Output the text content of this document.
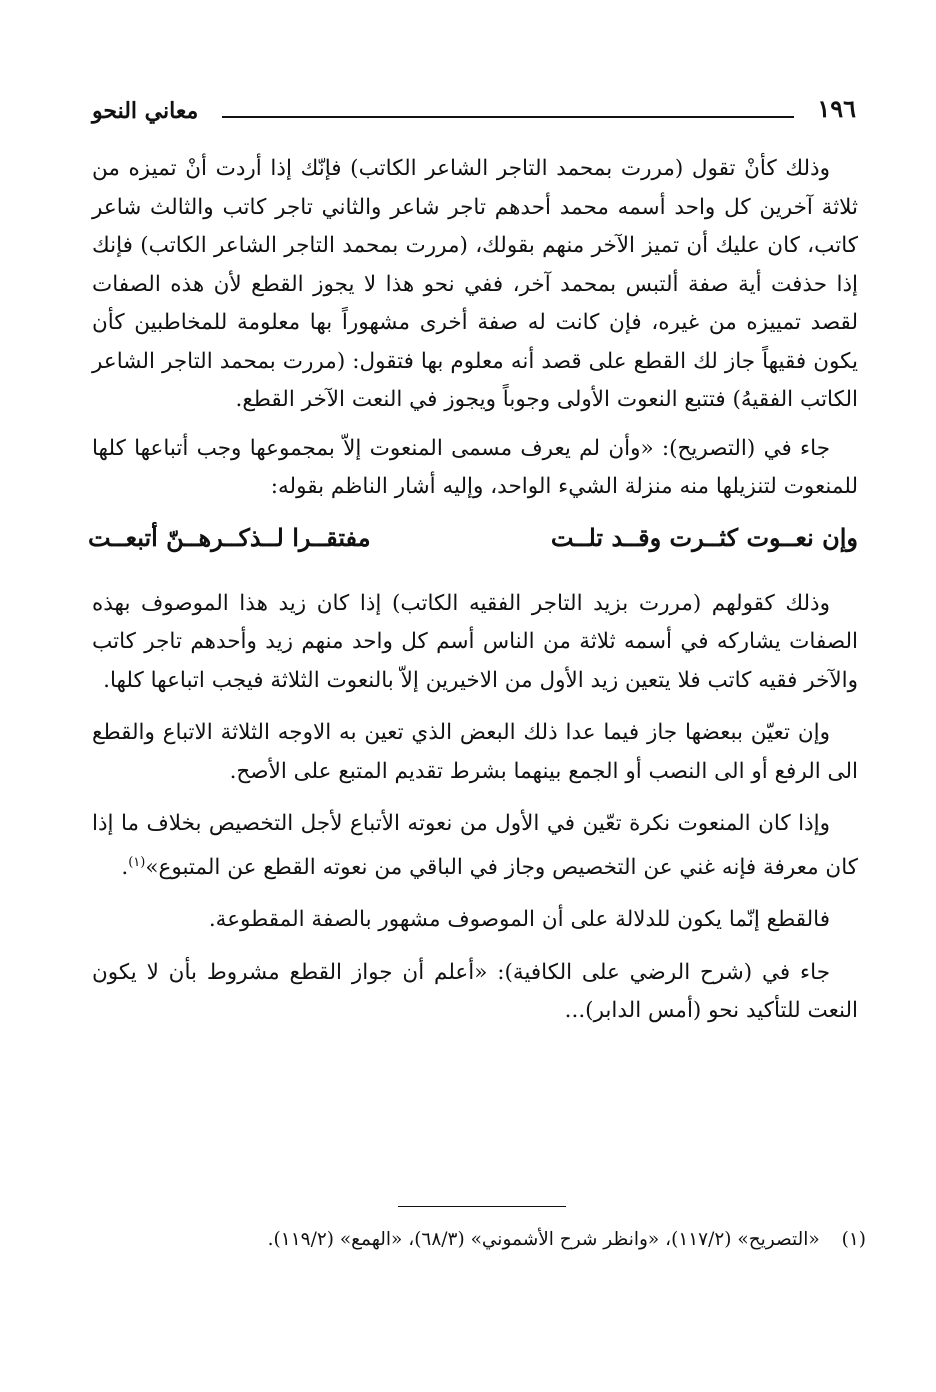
١٩٦
معاني النحو

وذلك كأنْ تقول (مررت بمحمد التاجر الشاعر الكاتب) فإنّك إذا أردت أنْ تميزه من ثلاثة آخرين كل واحد أسمه محمد أحدهم تاجر شاعر والثاني تاجر كاتب والثالث شاعر كاتب، كان عليك أن تميز الآخر منهم بقولك، (مررت بمحمد التاجر الشاعر الكاتب) فإنك إذا حذفت أية صفة ألتبس بمحمد آخر، ففي نحو هذا لا يجوز القطع لأن هذه الصفات لقصد تمييزه من غيره، فإن كانت له صفة أخرى مشهوراً بها معلومة للمخاطبين كأن يكون فقيهاً جاز لك القطع على قصد أنه معلوم بها فتقول: (مررت بمحمد التاجر الشاعر الكاتب الفقيهُ) فتتبع النعوت الأولى وجوباً ويجوز في النعت الآخر القطع.

جاء في (التصريح): «وأن لم يعرف مسمى المنعوت إلاّ بمجموعها وجب أتباعها كلها للمنعوت لتنزيلها منه منزلة الشيء الواحد، وإليه أشار الناظم بقوله:

وإن نعــوت كثــرت وقــد تلــت
مفتقــرا لــذكــرهــنّ أتبعــت

وذلك كقولهم (مررت بزيد التاجر الفقيه الكاتب) إذا كان زيد هذا الموصوف بهذه الصفات يشاركه في أسمه ثلاثة من الناس أسم كل واحد منهم زيد وأحدهم تاجر كاتب والآخر فقيه كاتب فلا يتعين زيد الأول من الاخيرين إلاّ بالنعوت الثلاثة فيجب اتباعها كلها.

وإن تعيّن ببعضها جاز فيما عدا ذلك البعض الذي تعين به الاوجه الثلاثة الاتباع والقطع الى الرفع أو الى النصب أو الجمع بينهما بشرط تقديم المتبع على الأصح.

وإذا كان المنعوت نكرة تعّين في الأول من نعوته الأتباع لأجل التخصيص بخلاف ما إذا كان معرفة فإنه غني عن التخصيص وجاز في الباقي من نعوته القطع عن المتبوع»$^{(١)}$.

فالقطع إنّما يكون للدلالة على أن الموصوف مشهور بالصفة المقطوعة.

جاء في (شرح الرضي على الكافية): «أعلم أن جواز القطع مشروط بأن لا يكون النعت للتأكيد نحو (أمس الدابر)...

(١) «التصريح» (١١٧/٢)، «وانظر شرح الأشموني» (٦٨/٣)، «الهمع» (١١٩/٢).
